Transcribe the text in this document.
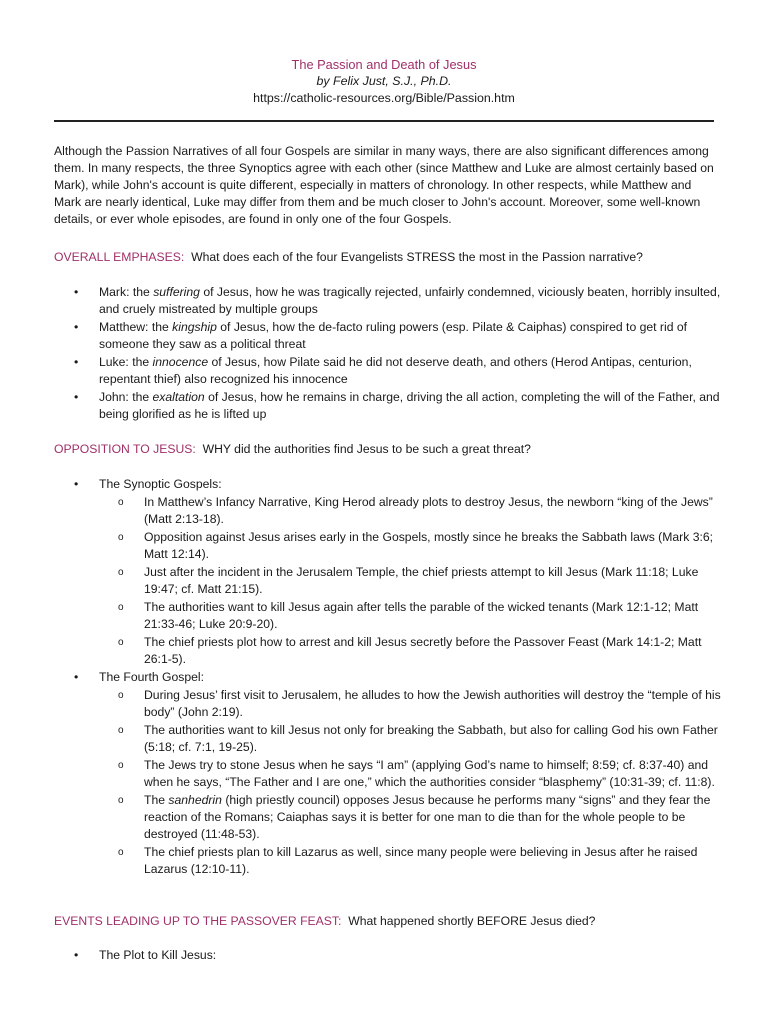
The Passion and Death of Jesus
by Felix Just, S.J., Ph.D.
https://catholic-resources.org/Bible/Passion.htm
Although the Passion Narratives of all four Gospels are similar in many ways, there are also significant differences among them. In many respects, the three Synoptics agree with each other (since Matthew and Luke are almost certainly based on Mark), while John's account is quite different, especially in matters of chronology. In other respects, while Matthew and Mark are nearly identical, Luke may differ from them and be much closer to John's account. Moreover, some well-known details, or ever whole episodes, are found in only one of the four Gospels.
OVERALL EMPHASES: What does each of the four Evangelists STRESS the most in the Passion narrative?
• Mark: the suffering of Jesus, how he was tragically rejected, unfairly condemned, viciously beaten, horribly insulted, and cruely mistreated by multiple groups
• Matthew: the kingship of Jesus, how the de-facto ruling powers (esp. Pilate & Caiphas) conspired to get rid of someone they saw as a political threat
• Luke: the innocence of Jesus, how Pilate said he did not deserve death, and others (Herod Antipas, centurion, repentant thief) also recognized his innocence
• John: the exaltation of Jesus, how he remains in charge, driving the all action, completing the will of the Father, and being glorified as he is lifted up
OPPOSITION TO JESUS: WHY did the authorities find Jesus to be such a great threat?
• The Synoptic Gospels:
o In Matthew’s Infancy Narrative, King Herod already plots to destroy Jesus, the newborn “king of the Jews” (Matt 2:13-18).
o Opposition against Jesus arises early in the Gospels, mostly since he breaks the Sabbath laws (Mark 3:6; Matt 12:14).
o Just after the incident in the Jerusalem Temple, the chief priests attempt to kill Jesus (Mark 11:18; Luke 19:47; cf. Matt 21:15).
o The authorities want to kill Jesus again after tells the parable of the wicked tenants (Mark 12:1-12; Matt 21:33-46; Luke 20:9-20).
o The chief priests plot how to arrest and kill Jesus secretly before the Passover Feast (Mark 14:1-2; Matt 26:1-5).
• The Fourth Gospel:
o During Jesus’ first visit to Jerusalem, he alludes to how the Jewish authorities will destroy the “temple of his body” (John 2:19).
o The authorities want to kill Jesus not only for breaking the Sabbath, but also for calling God his own Father (5:18; cf. 7:1, 19-25).
o The Jews try to stone Jesus when he says “I am” (applying God’s name to himself; 8:59; cf. 8:37-40) and when he says, “The Father and I are one,” which the authorities consider “blasphemy” (10:31-39; cf. 11:8).
o The sanhedrin (high priestly council) opposes Jesus because he performs many “signs” and they fear the reaction of the Romans; Caiaphas says it is better for one man to die than for the whole people to be destroyed (11:48-53).
o The chief priests plan to kill Lazarus as well, since many people were believing in Jesus after he raised Lazarus (12:10-11).
EVENTS LEADING UP TO THE PASSOVER FEAST: What happened shortly BEFORE Jesus died?
• The Plot to Kill Jesus:
